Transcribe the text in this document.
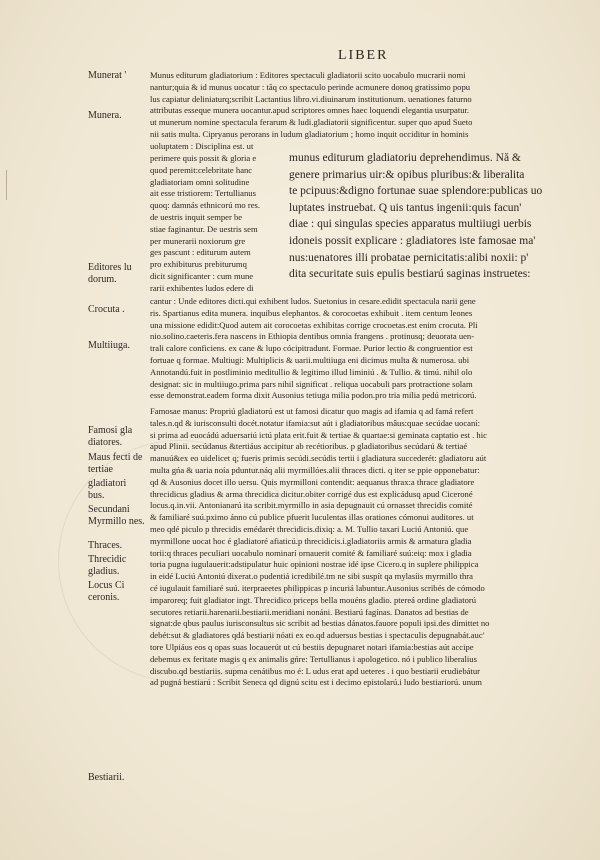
LIBER
Munerat '
Munera.
Editores lu dorum.
Crocuta .
Multiiuga.
Famosi gla diatores.
Maus fecti de tertiae
gladiatori bus.
Secundani Myrmillo nes.
Thraces.
Threcidic gladius.
Locus Ci ceronis.
Bestiarii.
Munus editurum gladiatorium : Editores spectaculi gladiatorii scito uocabulo mucrarii nomi
nantur;quia & id munus uocatur : tăq co spectaculo perinde acmunere donoq gratissimo popu
lus capiatur deliniaturq;scribit Lactantius libro.vi.diuinarum institutionum. uenationes faturno
attributas esseque munera uocantur.apud scriptores omnes haec loquendi elegantia usurpatur.
ut munerum nomine spectacula ferarum & ludi.gladiatorii significentur. super quo apud Sueto
nii satis multa. Cipryanus perorans in ludum gladiatorium ; homo inquit occiditur in hominis
uoluptatem : Disciplina est. ut
perimere quis possit & gloria e
quod peremit:celebritate hanc
gladiatoriam omni solitudine
ait esse tristiorem: Tertullianus
quoq: damnás ethnicorú mo res.
de uestris inquit semper be
stiae faginantur. De uestris sem
per munerarii noxiorum gre
ges pascunt : editurum autem
pro exhibiturus prebiturumq
dicit significanter : cum mune
rarii exhibentes ludos edere di
munus editurum gladiatoriu deprehendimus. Nă &
genere primarius uir:& opibus pluribus:& liberalita
te pcipuus:&digno fortunae suae splendore:publicas uo
luptates instruebat. Q uis tantus ingenii:quis facun'
diae : qui singulas species apparatus multiiugi uerbis
idoneis possit explicare : gladiatores iste famosae ma'
nus:uenatores illi probatae pernicitatis:alibi noxii: p'
dita securitate suis epulis bestiarú saginas instruetes:
cantur : Unde editores dicti.qui exhibent ludos. Suetonius in cesare.edidit spectacula narii gene
ris. Spartianus edita munera. inquibus elephantos. & corocoetas exhibuit . item centum leones
una missione edidit:Quod autem ait corocoetas exhibitas corrige crocoetas.est enim crocuta. Pli
nio.solino.caeteris.fera nascens in Ethiopia dentibus omnia frangens . protinusq; deuorata uen-
trali calore conficiens. ex cane & lupo cócipitradunt. Formae. Purior lectio & congruentior est
fortuae q formae. Multiugi: Multiplicis & uarii.multiiuga eni dicimus multa & numerosa. ubi
Annotandú.fuit in postliminio meditullio & legitimo illud liminiú . & Tullio. & timú. nihil olo
designat: sic in multiiugo.prima pars nihil significat . reliqua uocabuli pars protractione solam
esse demonstrat.eadem forma dixit Ausonius tetiuga milia podon.pro tria milia pedú metricorú.
Famosae manus: Propriú gladiatorú est ut famosi dicatur quo magis ad ifamia q ad famá refert
tales.n.qd & iurisconsulti docét.notatur ifamia:sut aút i gladiatoribus mâus:quae secúdae uocaní:
si prima ad euocádú aduersariú ictú plata erit.fuit & tertiae & quartae:si geminata captatio est . hic
apud Plinii. secúdanus &tertiáus accipitur ab recétioribus. p gladiatoribus secúdarú & tertiaé
manuú&ex eo uidelicet q; fueris primis secúdi.secúdis tertii i gladiatura succederét: gladiatoru aút
multa gńa & uaria noía pduntur.náq alii myrmillóes.alii thraces dicti. q iter se ppie opponebatur:
qd & Ausonius docet illo uersu. Quis myrmilloni contendit: aequanus thrax:a thrace gladiatore
threcidicus gladius & arma threcidica dicitur.obiter corrigé dus est explicádusq apud Ciceroné
locus.q.in.vii. Antonianarú ita scribit.myrmillo in asia depugnauit cú ornasset threcidis comité
& familiaré suú.pximo ánno cú publice pfuerit luculentas illas orationes cómonui auditores. ut
meo qdé piculo p threcidis emédarét threcidicis.dixiq: a. M. Tullio taxari Luciú Antoniú. que
myrmillone uocat hoc é gladiatoré afiaticú.p threcidicis.i.gladiatoriis armis & armatura gladia
torii:q thraces peculiari uocabulo nominarí ornauerit comité & familiaré suú:eiq: mox i gladia
toria pugna iugulauerit:adstipulatur huic opinioni nostrae idé ipse Cicero.q in suplere philippica
in eidé Luciú Antoniú dixerat.o pudentiá icredibilé.tm ne sibi suspít qa mylasíis myrmillo thra
cé iugulauit familiaré suú. iterpraeetes philippicas p incuriá labuntur.Ausonius scribés de cómodo
imparoreq; fuit gladiator ingt. Threcidico priceps bella mouéns gladio. ptereá ordine gladiatorú
secutores retiarii.harenarii.bestiarii.meridiani nonáni. Bestiarú fagínas. Danatos ad bestias de
signat:de qbus paulus iurisconsultus sic scribit ad bestias dánatos.fauore populi ipsi.des dimittet no
debét:sut & gladiatores qdá bestiarii nóati ex eo.qd aduersus bestias i spectaculis depugnabát.auc'
tore Ulpiáus eos q opas suas locauerút ut cú bestiis depugnaret notari ifamia:bestias aút accipe
debemus ex feritate magis q ex animalis gńre: Tertullianus i apologetico. nó i publico liberalius
discubo.qd bestiariis. supma cenátibus mo é: L udus erat apd ueteres . i quo bestiarii erudiebátur
ad pugná bestiarú : Scribit Seneca qd dignú scitu est i decimo epistolarú.i ludo bestiariorú. unum
